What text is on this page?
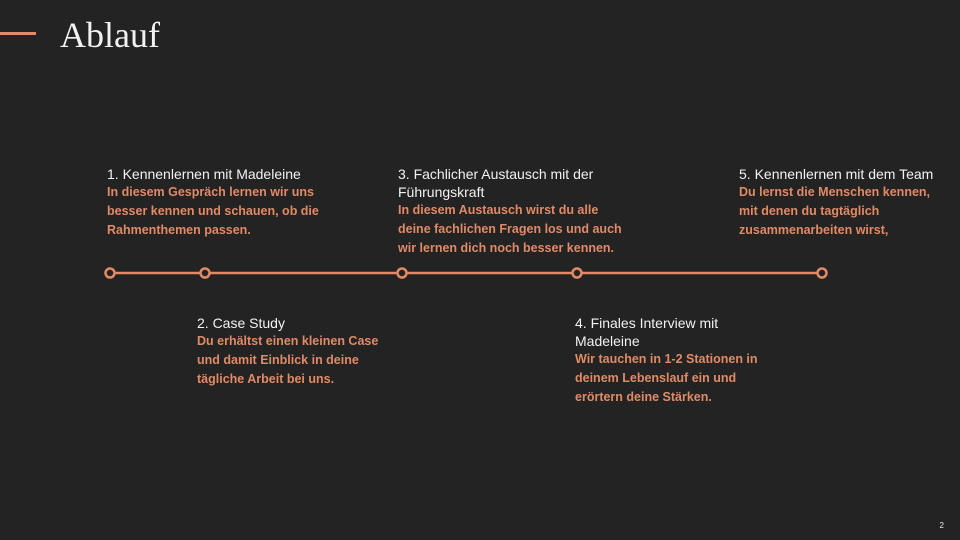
Ablauf

1. Kennenlernen mit Madeleine

In diesem Gespräch lernen wir uns besser kennen und schauen, ob die Rahmenthemen passen.

2. Case Study

Du erhältst einen kleinen Case und damit Einblick in deine tägliche Arbeit bei uns.

3. Fachlicher Austausch mit der Führungskraft

In diesem Austausch wirst du alle deine fachlichen Fragen los und auch wir lernen dich noch besser kennen.

4. Finales Interview mit Madeleine

Wir tauchen in 1-2 Stationen in deinem Lebenslauf ein und erörtern deine Stärken.

5. Kennenlernen mit dem Team

Du lernst die Menschen kennen, mit denen du tagtäglich zusammenarbeiten wirst,

2
